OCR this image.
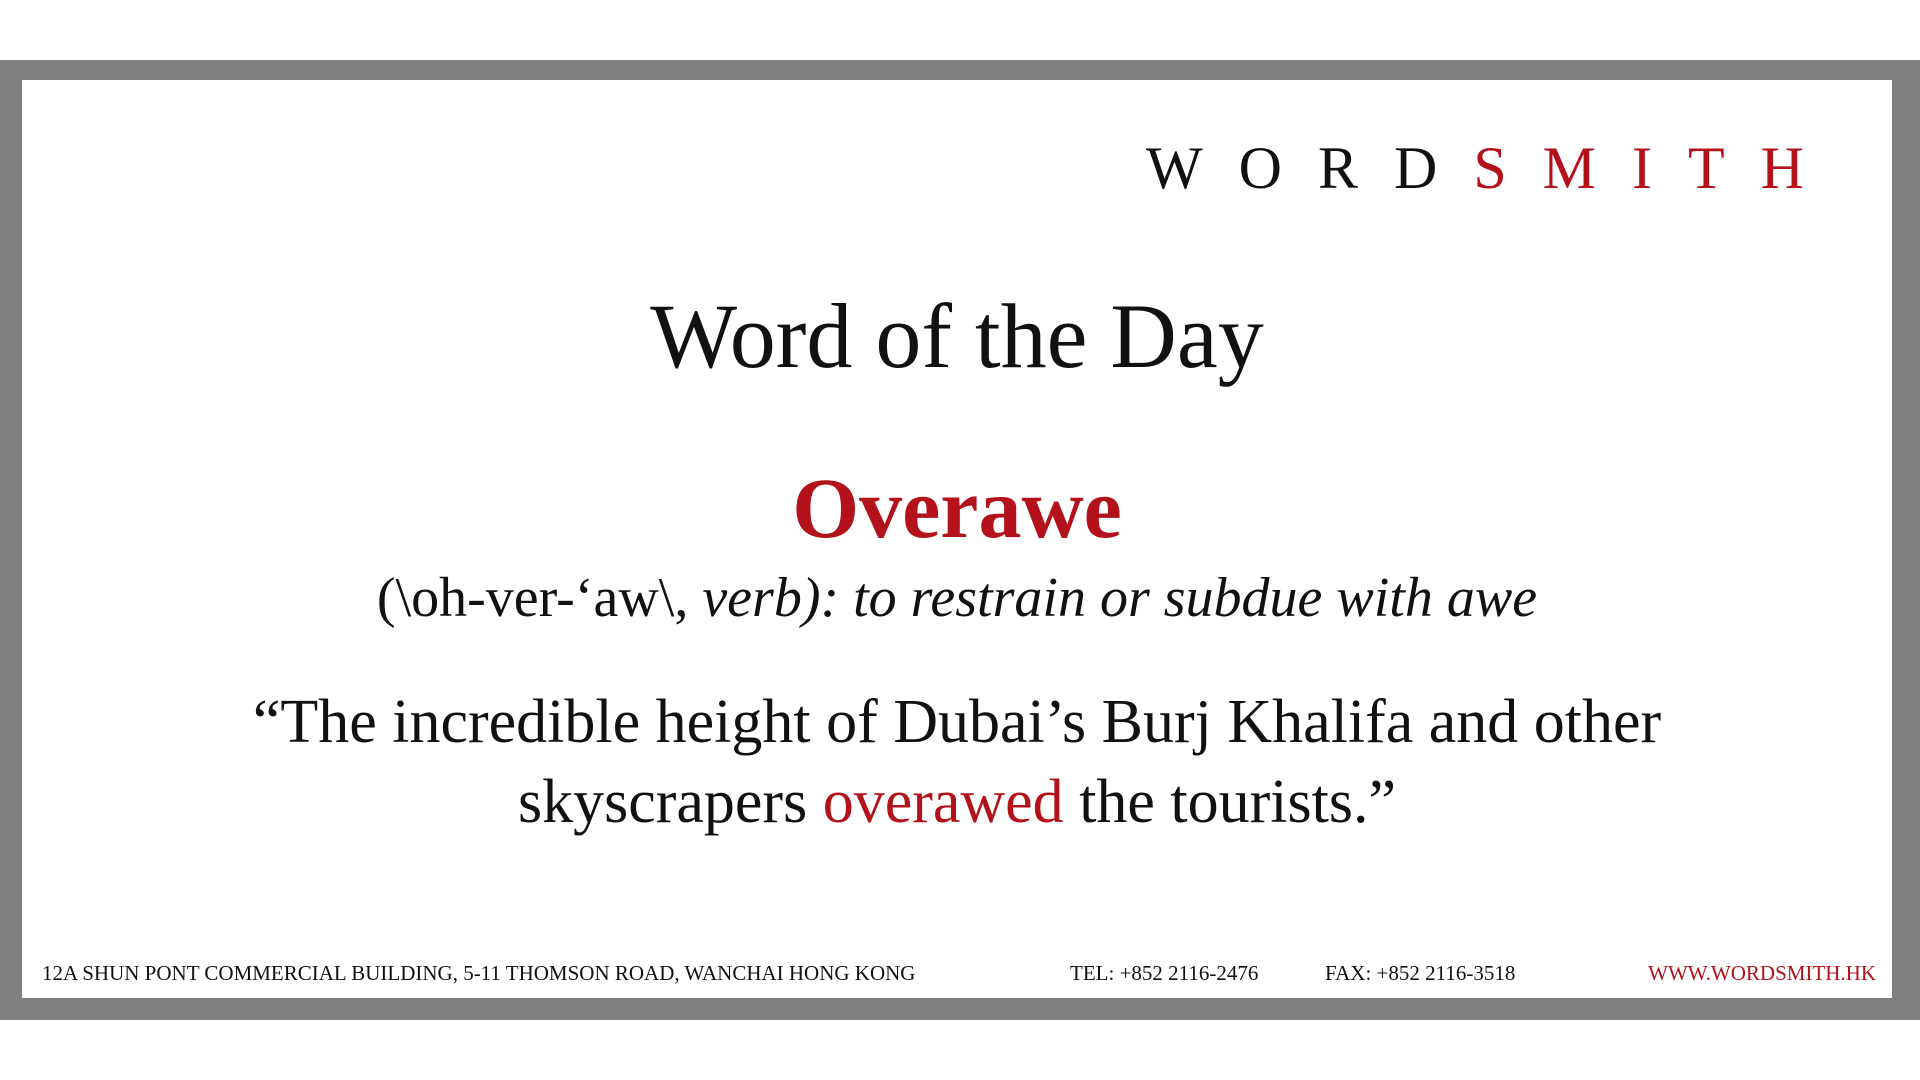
WORDSMITH
Word of the Day
Overawe
(\oh-ver-‘aw\, verb): to restrain or subdue with awe
“The incredible height of Dubai’s Burj Khalifa and other
skyscrapers overawed the tourists.”
12A SHUN PONT COMMERCIAL BUILDING, 5-11 THOMSON ROAD, WANCHAI HONG KONG	TEL: +852 2116-2476	FAX: +852 2116-3518	WWW.WORDSMITH.HK
